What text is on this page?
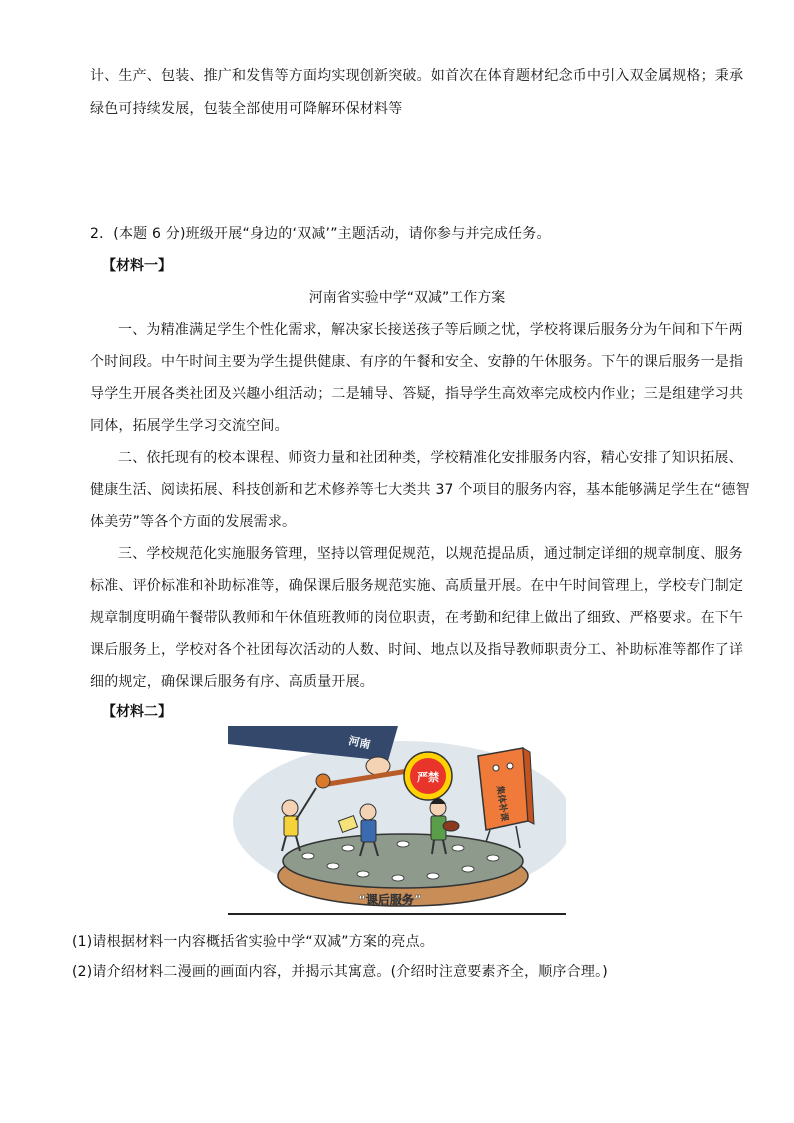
计、生产、包装、推广和发售等方面均实现创新突破。如首次在体育题材纪念币中引入双金属规格；秉承
绿色可持续发展，包装全部使用可降解环保材料等
2．(本题 6 分)班级开展“身边的‘双减’”主题活动，请你参与并完成任务。
【材料一】
河南省实验中学“双减”工作方案
一、为精准满足学生个性化需求，解决家长接送孩子等后顾之忧，学校将课后服务分为午间和下午两
个时间段。中午时间主要为学生提供健康、有序的午餐和安全、安静的午休服务。下午的课后服务一是指
导学生开展各类社团及兴趣小组活动；二是辅导、答疑，指导学生高效率完成校内作业；三是组建学习共
同体，拓展学生学习交流空间。
二、依托现有的校本课程、师资力量和社团种类，学校精准化安排服务内容，精心安排了知识拓展、
健康生活、阅读拓展、科技创新和艺术修养等七大类共 37 个项目的服务内容，基本能够满足学生在“德智
体美劳”等各个方面的发展需求。
三、学校规范化实施服务管理，坚持以管理促规范，以规范提品质，通过制定详细的规章制度、服务
标准、评价标准和补助标准等，确保课后服务规范实施、高质量开展。在中午时间管理上，学校专门制定
规章制度明确午餐带队教师和午休值班教师的岗位职责，在考勤和纪律上做出了细致、严格要求。在下午
课后服务上，学校对各个社团每次活动的人数、时间、地点以及指导教师职责分工、补助标准等都作了详
细的规定，确保课后服务有序、高质量开展。
【材料二】
河南
严禁
集体补课
“课后服务”
(1)请根据材料一内容概括省实验中学“双减”方案的亮点。
(2)请介绍材料二漫画的画面内容，并揭示其寓意。(介绍时注意要素齐全，顺序合理。)
